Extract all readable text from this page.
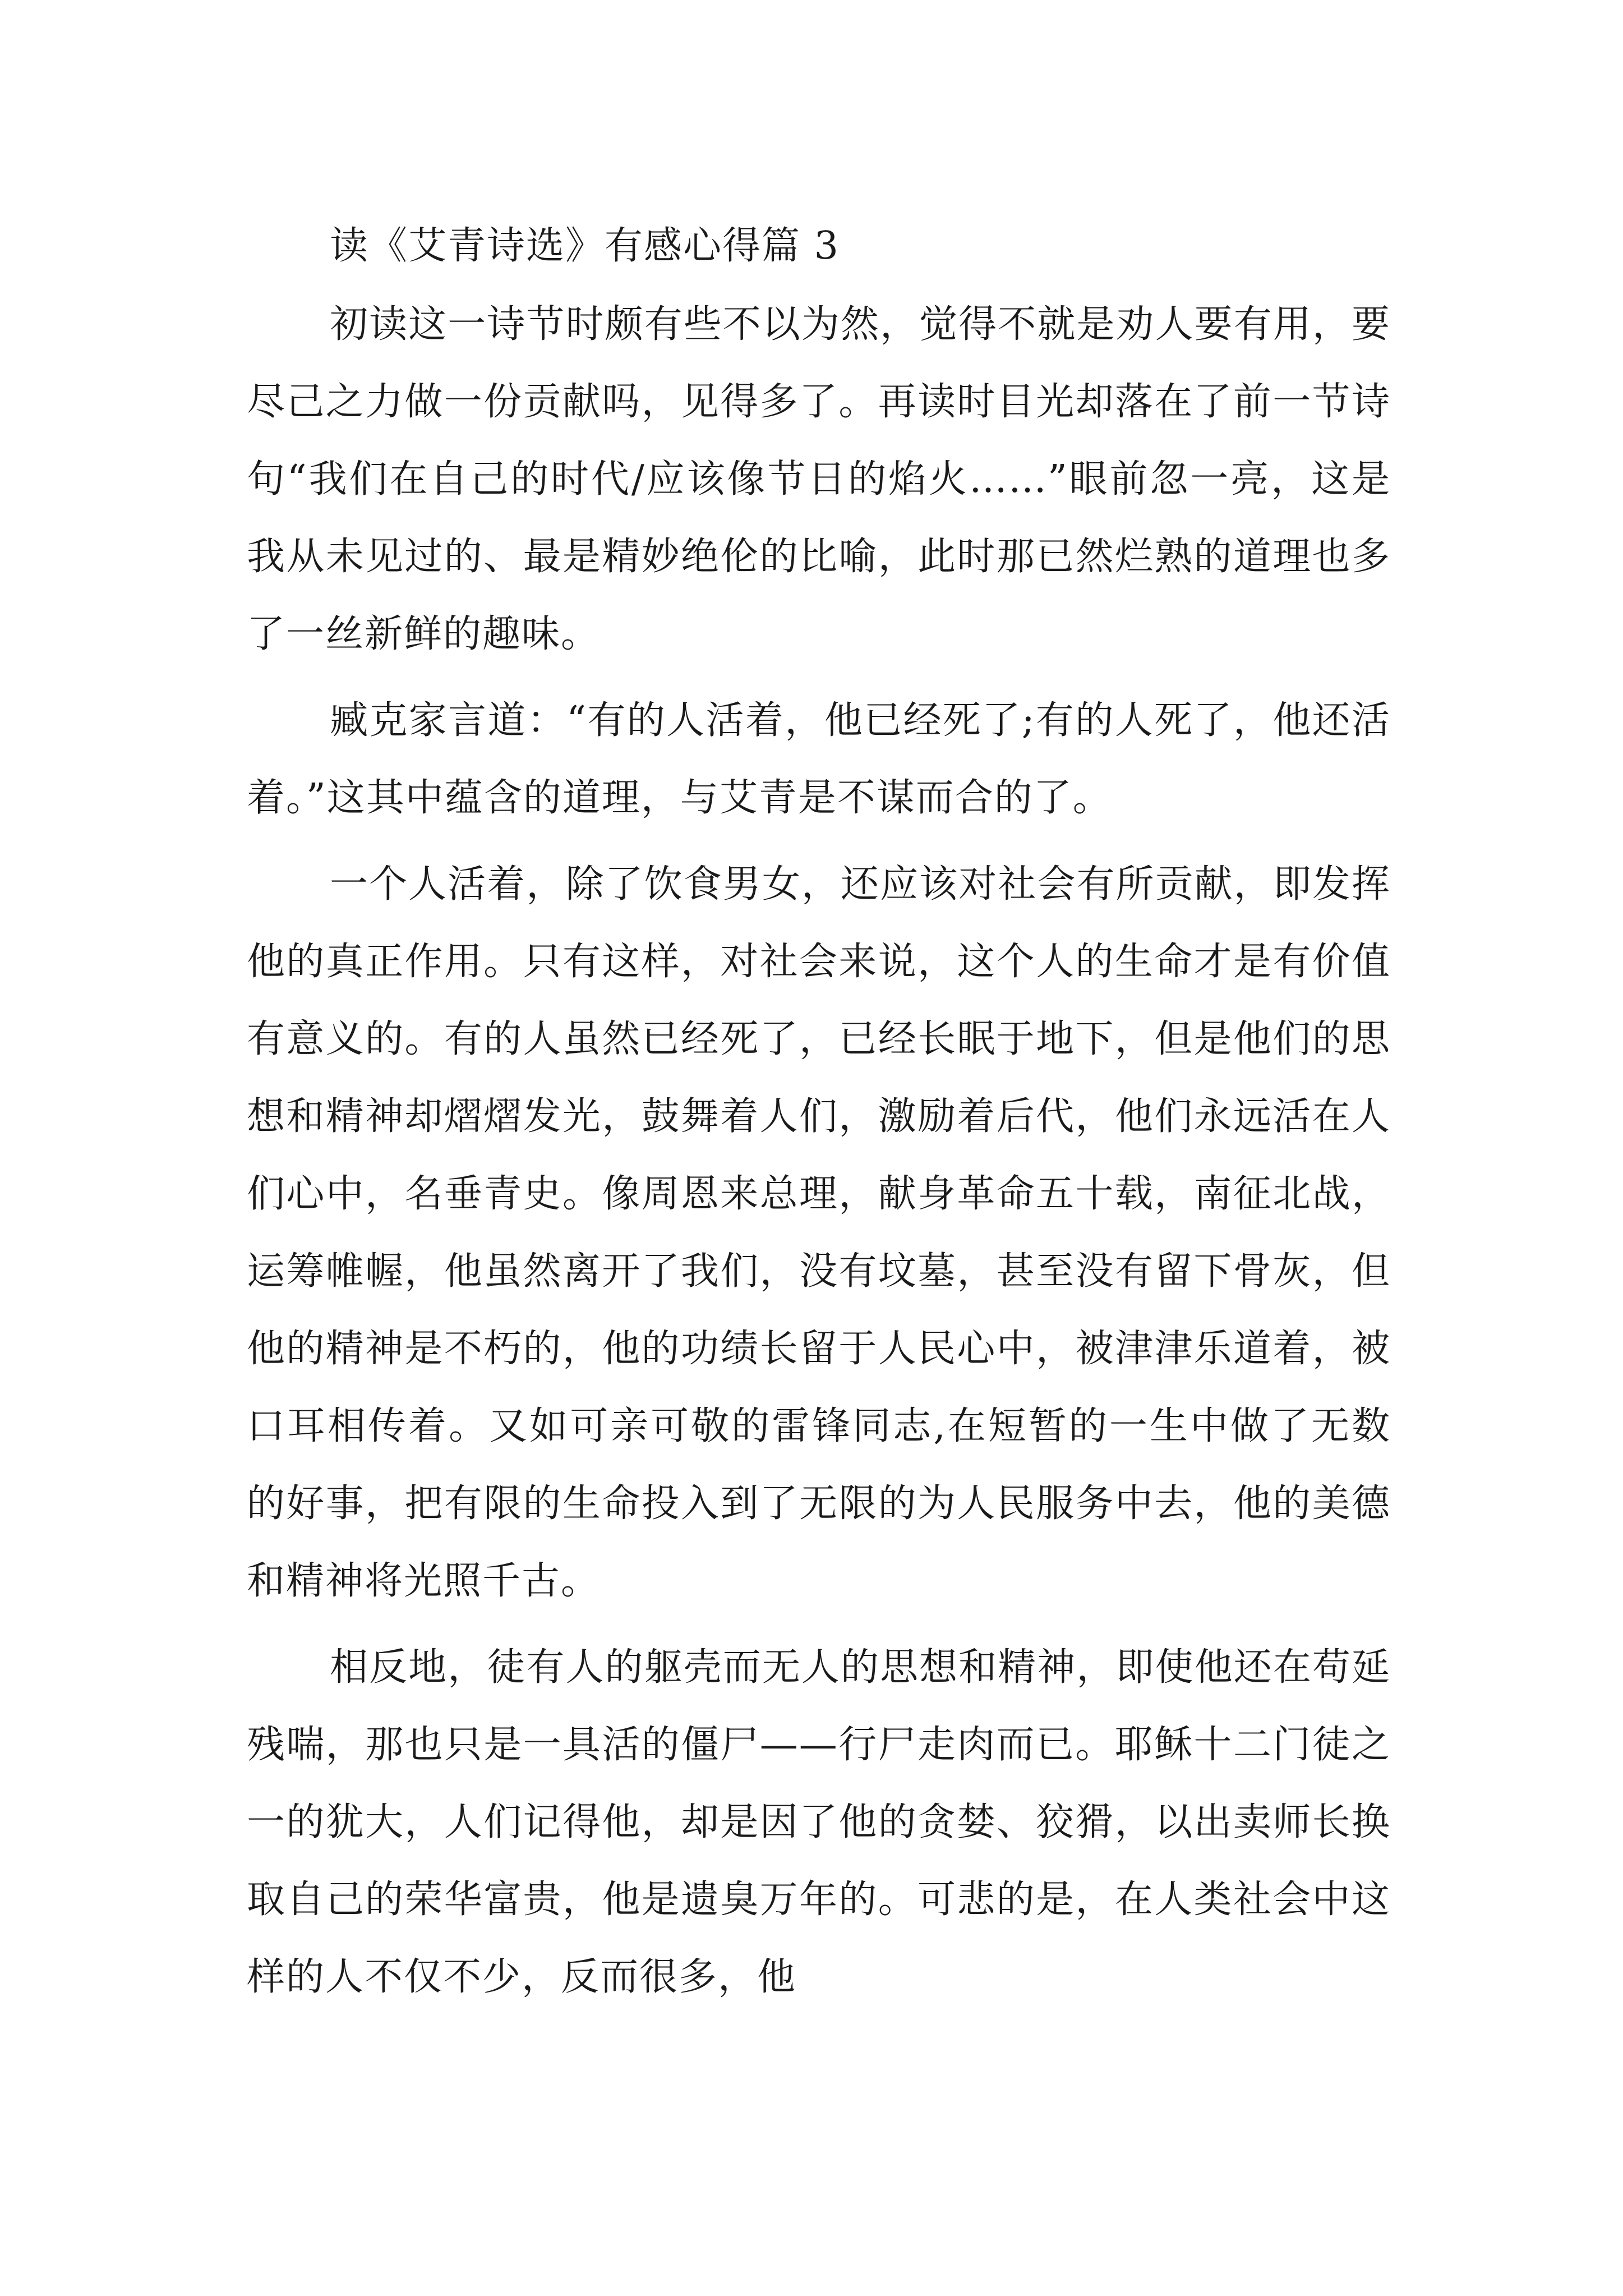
读《艾青诗选》有感心得篇 3

初读这一诗节时颇有些不以为然，觉得不就是劝人要有用，要尽己之力做一份贡献吗，见得多了。再读时目光却落在了前一节诗句“我们在自己的时代/应该像节日的焰火……”眼前忽一亮，这是我从未见过的、最是精妙绝伦的比喻，此时那已然烂熟的道理也多了一丝新鲜的趣味。

臧克家言道：“有的人活着，他已经死了;有的人死了，他还活着。”这其中蕴含的道理，与艾青是不谋而合的了。

一个人活着，除了饮食男女，还应该对社会有所贡献，即发挥他的真正作用。只有这样，对社会来说，这个人的生命才是有价值有意义的。有的人虽然已经死了，已经长眠于地下，但是他们的思想和精神却熠熠发光，鼓舞着人们，激励着后代，他们永远活在人们心中，名垂青史。像周恩来总理，献身革命五十载，南征北战，运筹帷幄，他虽然离开了我们，没有坟墓，甚至没有留下骨灰，但他的精神是不朽的，他的功绩长留于人民心中，被津津乐道着，被口耳相传着。又如可亲可敬的雷锋同志,在短暂的一生中做了无数的好事，把有限的生命投入到了无限的为人民服务中去，他的美德和精神将光照千古。

相反地，徒有人的躯壳而无人的思想和精神，即使他还在苟延残喘，那也只是一具活的僵尸——行尸走肉而已。耶稣十二门徒之一的犹大，人们记得他，却是因了他的贪婪、狡猾，以出卖师长换取自己的荣华富贵，他是遗臭万年的。可悲的是，在人类社会中这样的人不仅不少，反而很多，他
